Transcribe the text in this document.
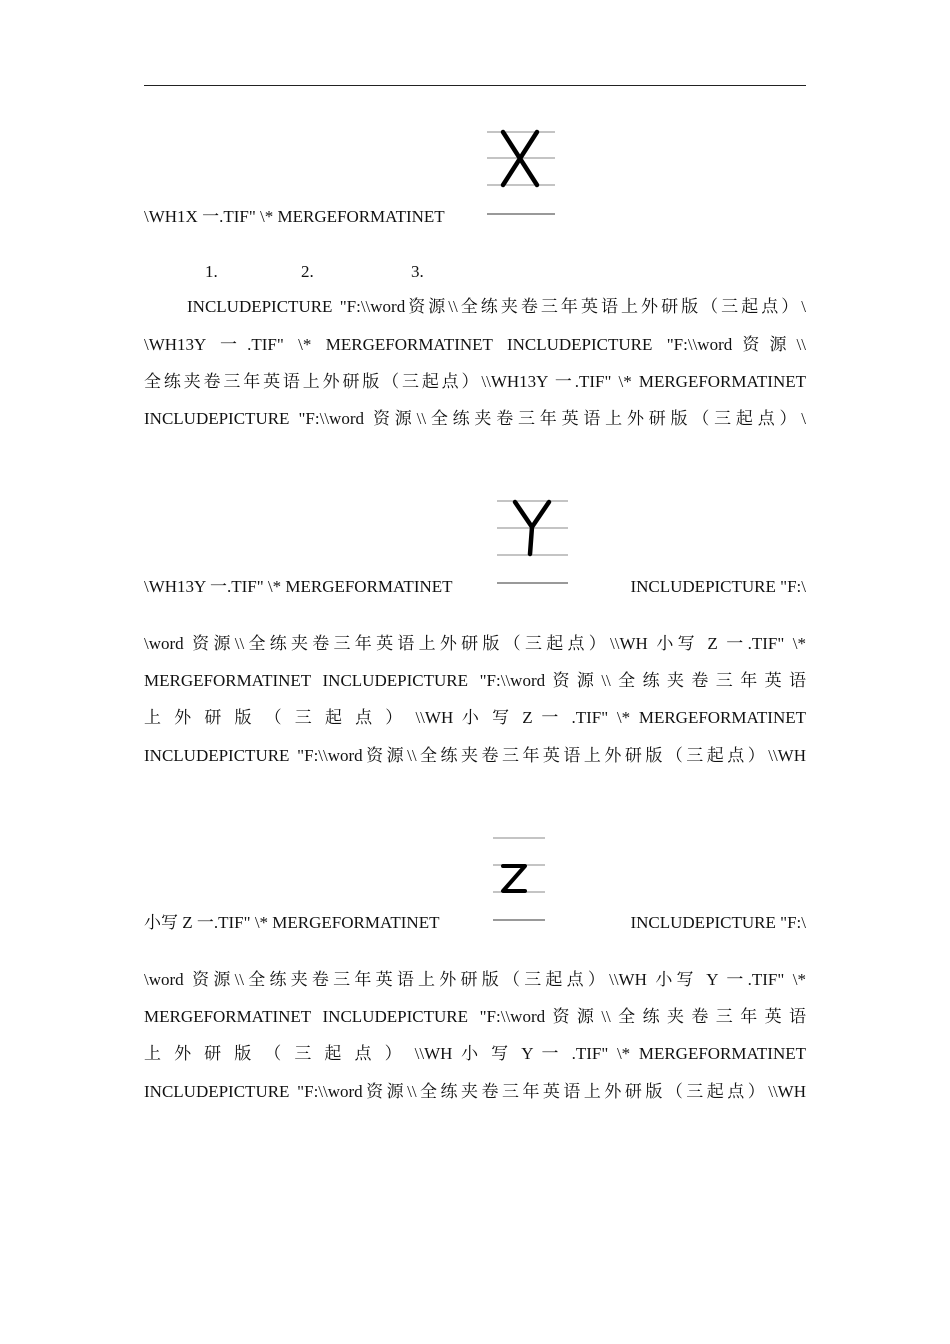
\WH1X 一.TIF" \* MERGEFORMATINET
1.	2.	3.
INCLUDEPICTURE "F:\\word资源\\全练夹卷三年英语上外研版（三起点）\
\WH13Y 一.TIF" \* MERGEFORMATINET INCLUDEPICTURE "F:\\word资源\\
全练夹卷三年英语上外研版（三起点）\\WH13Y 一.TIF" \* MERGEFORMATINET
INCLUDEPICTURE "F:\\word 资源\\全练夹卷三年英语上外研版（三起点）\
\WH13Y 一.TIF" \* MERGEFORMATINET	INCLUDEPICTURE "F:\
\word 资源\\全练夹卷三年英语上外研版（三起点）\\WH 小写 Z 一.TIF" \*
MERGEFORMATINET INCLUDEPICTURE "F:\\word资源\\全练夹卷三年英语
上 外 研 版 （ 三 起 点 ） \\WH 小 写 Z 一 .TIF" \* MERGEFORMATINET
INCLUDEPICTURE "F:\\word资源\\全练夹卷三年英语上外研版（三起点）\\WH
小写 Z 一.TIF" \* MERGEFORMATINET	INCLUDEPICTURE "F:\
\word 资源\\全练夹卷三年英语上外研版（三起点）\\WH 小写 Y 一.TIF" \*
MERGEFORMATINET INCLUDEPICTURE "F:\\word资源\\全练夹卷三年英语
上 外 研 版 （ 三 起 点 ） \\WH 小 写 Y 一 .TIF" \* MERGEFORMATINET
INCLUDEPICTURE "F:\\word资源\\全练夹卷三年英语上外研版（三起点）\\WH
